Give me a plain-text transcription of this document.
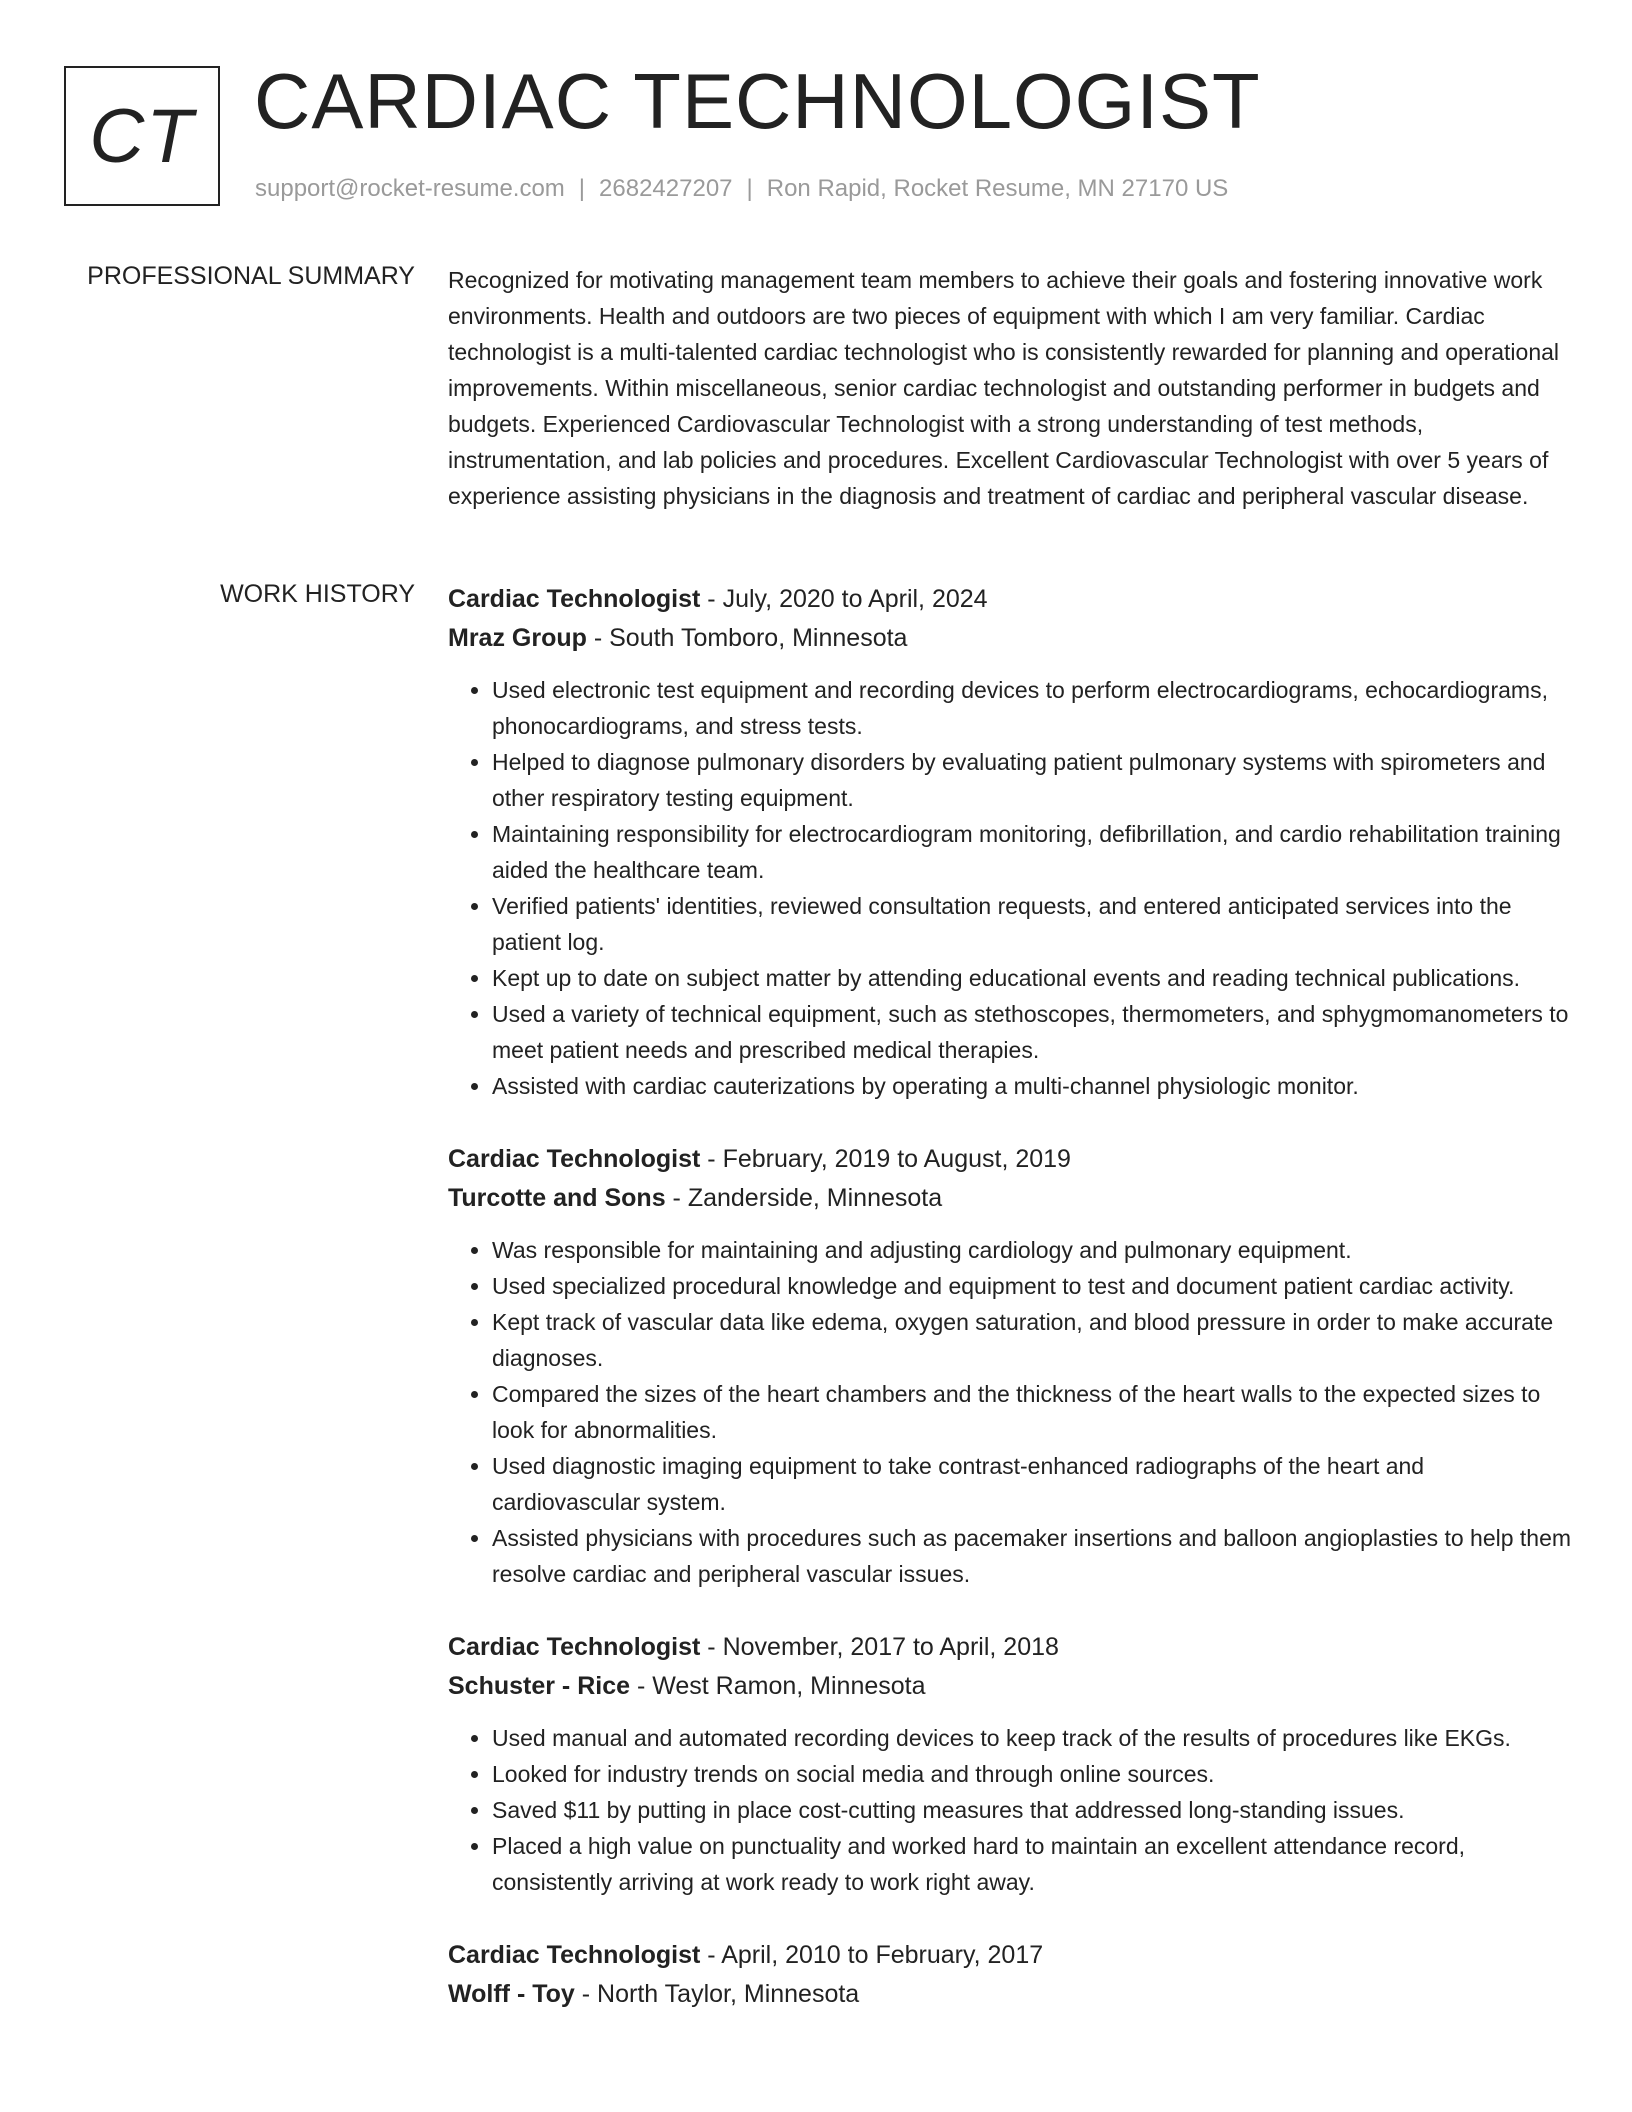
CT CARDIAC TECHNOLOGIST
support@rocket-resume.com | 2682427207 | Ron Rapid, Rocket Resume, MN 27170 US
PROFESSIONAL SUMMARY Recognized for motivating management team members to achieve their goals and fostering innovative work environments. Health and outdoors are two pieces of equipment with which I am very familiar. Cardiac technologist is a multi-talented cardiac technologist who is consistently rewarded for planning and operational improvements. Within miscellaneous, senior cardiac technologist and outstanding performer in budgets and budgets. Experienced Cardiovascular Technologist with a strong understanding of test methods, instrumentation, and lab policies and procedures. Excellent Cardiovascular Technologist with over 5 years of experience assisting physicians in the diagnosis and treatment of cardiac and peripheral vascular disease.

WORK HISTORY Cardiac Technologist - July, 2020 to April, 2024
Mraz Group - South Tomboro, Minnesota
• Used electronic test equipment and recording devices to perform electrocardiograms, echocardiograms, phonocardiograms, and stress tests.
• Helped to diagnose pulmonary disorders by evaluating patient pulmonary systems with spirometers and other respiratory testing equipment.
• Maintaining responsibility for electrocardiogram monitoring, defibrillation, and cardio rehabilitation training aided the healthcare team.
• Verified patients' identities, reviewed consultation requests, and entered anticipated services into the patient log.
• Kept up to date on subject matter by attending educational events and reading technical publications.
• Used a variety of technical equipment, such as stethoscopes, thermometers, and sphygmomanometers to meet patient needs and prescribed medical therapies.
• Assisted with cardiac cauterizations by operating a multi-channel physiologic monitor.
Cardiac Technologist - February, 2019 to August, 2019
Turcotte and Sons - Zanderside, Minnesota
• Was responsible for maintaining and adjusting cardiology and pulmonary equipment.
• Used specialized procedural knowledge and equipment to test and document patient cardiac activity.
• Kept track of vascular data like edema, oxygen saturation, and blood pressure in order to make accurate diagnoses.
• Compared the sizes of the heart chambers and the thickness of the heart walls to the expected sizes to look for abnormalities.
• Used diagnostic imaging equipment to take contrast-enhanced radiographs of the heart and cardiovascular system.
• Assisted physicians with procedures such as pacemaker insertions and balloon angioplasties to help them resolve cardiac and peripheral vascular issues.
Cardiac Technologist - November, 2017 to April, 2018
Schuster - Rice - West Ramon, Minnesota
• Used manual and automated recording devices to keep track of the results of procedures like EKGs.
• Looked for industry trends on social media and through online sources.
• Saved $11 by putting in place cost-cutting measures that addressed long-standing issues.
• Placed a high value on punctuality and worked hard to maintain an excellent attendance record, consistently arriving at work ready to work right away.
Cardiac Technologist - April, 2010 to February, 2017
Wolff - Toy - North Taylor, Minnesota
